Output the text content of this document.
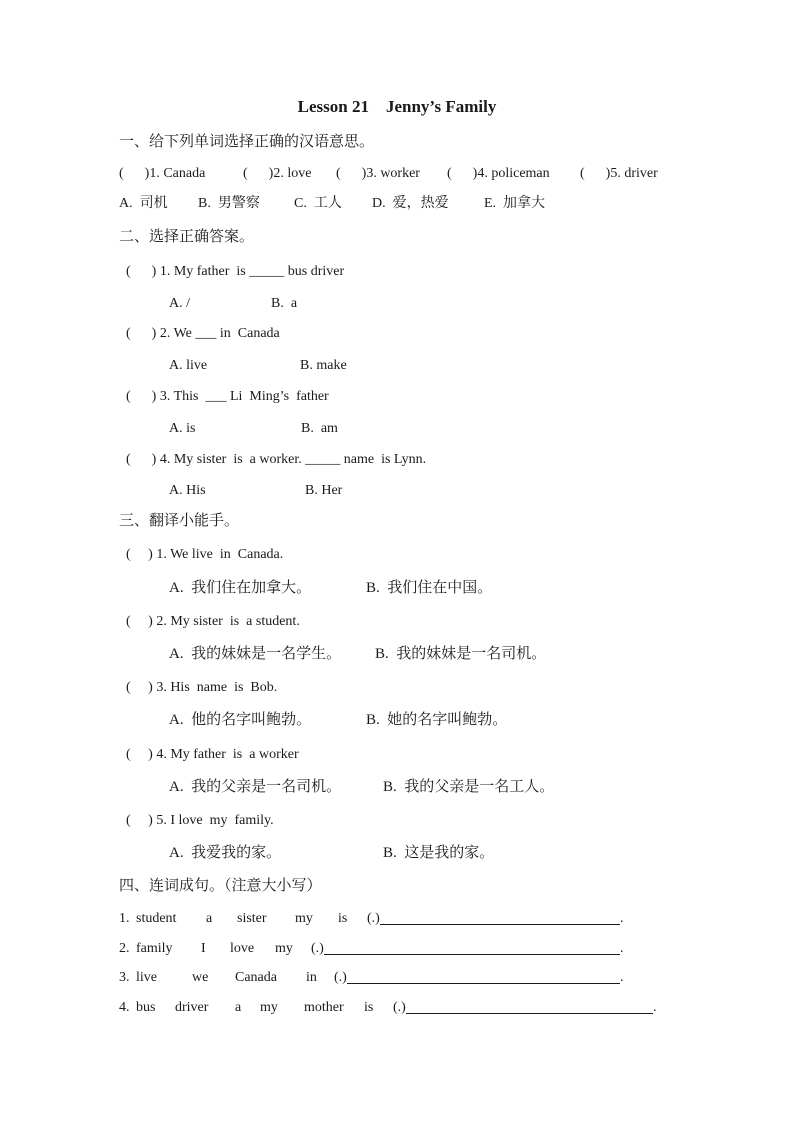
Lesson 21    Jenny’s Family
一、给下列单词选择正确的汉语意思。
(      )1. Canada	(      )2. love (      )3. worker (      )4. policeman (      )5. driver
A.  司机 B.  男警察 C.  工人 D.  爱，热爱	E.  加拿大
二、选择正确答案。
(      ) 1. My father  is _____ bus driver
A. /	B.  a
(      ) 2. We ___ in  Canada
A. live	B. make
(      ) 3. This  ___ Li  Ming’s  father
A. is	B.  am
(      ) 4. My sister  is  a worker. _____ name  is Lynn.
A. His	B. Her
三、翻译小能手。
(     ) 1. We live  in  Canada.
A.  我们住在加拿大。	B.  我们住在中国。
(     ) 2. My sister  is  a student.
A.  我的妹妹是一名学生。 B.  我的妹妹是一名司机。
(     ) 3. His  name  is  Bob.
A.  他的名字叫鲍勃。	B.  她的名字叫鲍勃。
(     ) 4. My father  is  a worker
A.  我的父亲是一名司机。	B.  我的父亲是一名工人。
(     ) 5. I love  my  family.
A.  我爱我的家。	B.  这是我的家。
四、连词成句。（注意大小写）
1. student a sister my is (.)	.
2. family I love my (.)	.
3. live	we Canada in (.)	.
4. bus driver a my mother is (.)	.
